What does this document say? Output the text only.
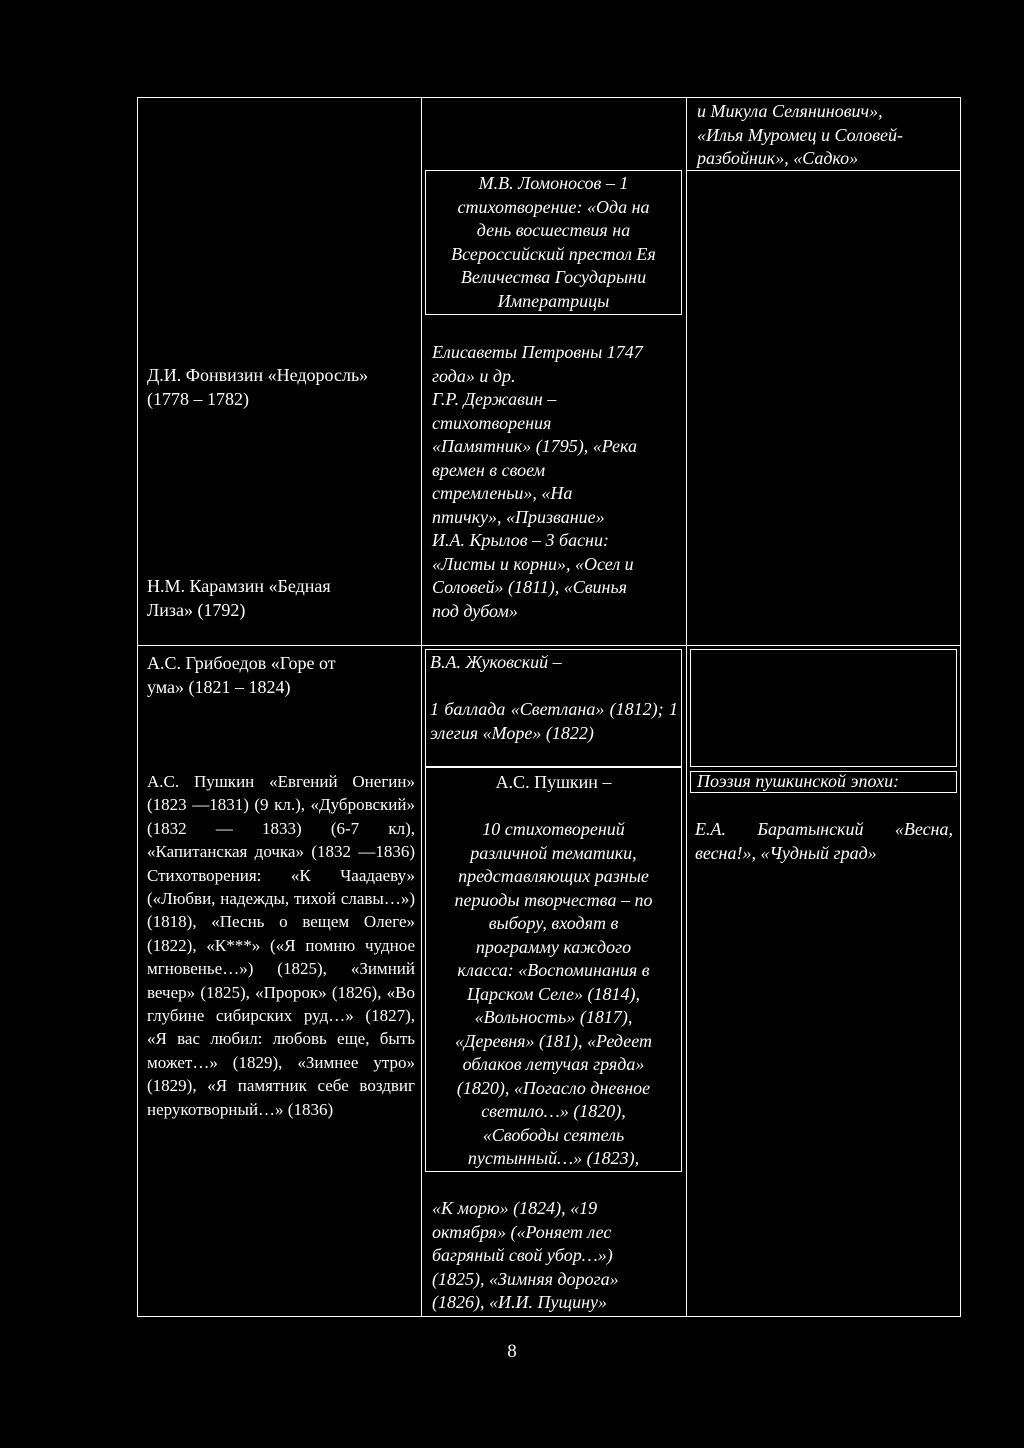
Д.И. Фонвизин «Недоросль»
(1778 – 1782)
Н.М. Карамзин «Бедная
Лиза» (1792)
А.С. Грибоедов «Горе от
ума» (1821 – 1824)
А.С. Пушкин «Евгений Онегин» (1823 —1831) (9 кл.), «Дубровский» (1832 — 1833) (6-7 кл), «Капитанская дочка» (1832 —1836) Стихотворения: «К Чаадаеву» («Любви, надежды, тихой славы…») (1818), «Песнь о вещем Олеге» (1822), «К***» («Я помню чудное мгновенье…») (1825), «Зимний вечер» (1825), «Пророк» (1826), «Во глубине сибирских руд…» (1827), «Я вас любил: любовь еще, быть может…» (1829), «Зимнее утро» (1829), «Я памятник себе воздвиг нерукотворный…» (1836)
М.В. Ломоносов – 1
стихотворение: «Ода на
день восшествия на
Всероссийский престол Ея
Величества Государыни
Императрицы
Елисаветы Петровны 1747
года» и др.
Г.Р. Державин –
стихотворения
«Памятник» (1795), «Река
времен в своем
стремленьи», «На
птичку», «Призвание»
И.А. Крылов – 3 басни:
«Листы и корни», «Осел и
Соловей» (1811), «Свинья
под дубом»
В.А. Жуковский –
1 баллада «Светлана» (1812); 1 элегия «Море» (1822)
А.С. Пушкин –
10 стихотворений
различной тематики,
представляющих разные
периоды творчества – по
выбору, входят в
программу каждого
класса: «Воспоминания в
Царском Селе» (1814),
«Вольность» (1817),
«Деревня» (181), «Редеет
облаков летучая гряда»
(1820), «Погасло дневное
светило…» (1820),
«Свободы сеятель
пустынный…» (1823),
«К морю» (1824), «19
октября» («Роняет лес
багряный свой убор…»)
(1825), «Зимняя дорога»
(1826), «И.И. Пущину»
и Микула Селянинович»,
«Илья Муромец и Соловей-
разбойник», «Садко»
Поэзия пушкинской эпохи:
Е.А. Баратынский «Весна, весна!», «Чудный град»
8
